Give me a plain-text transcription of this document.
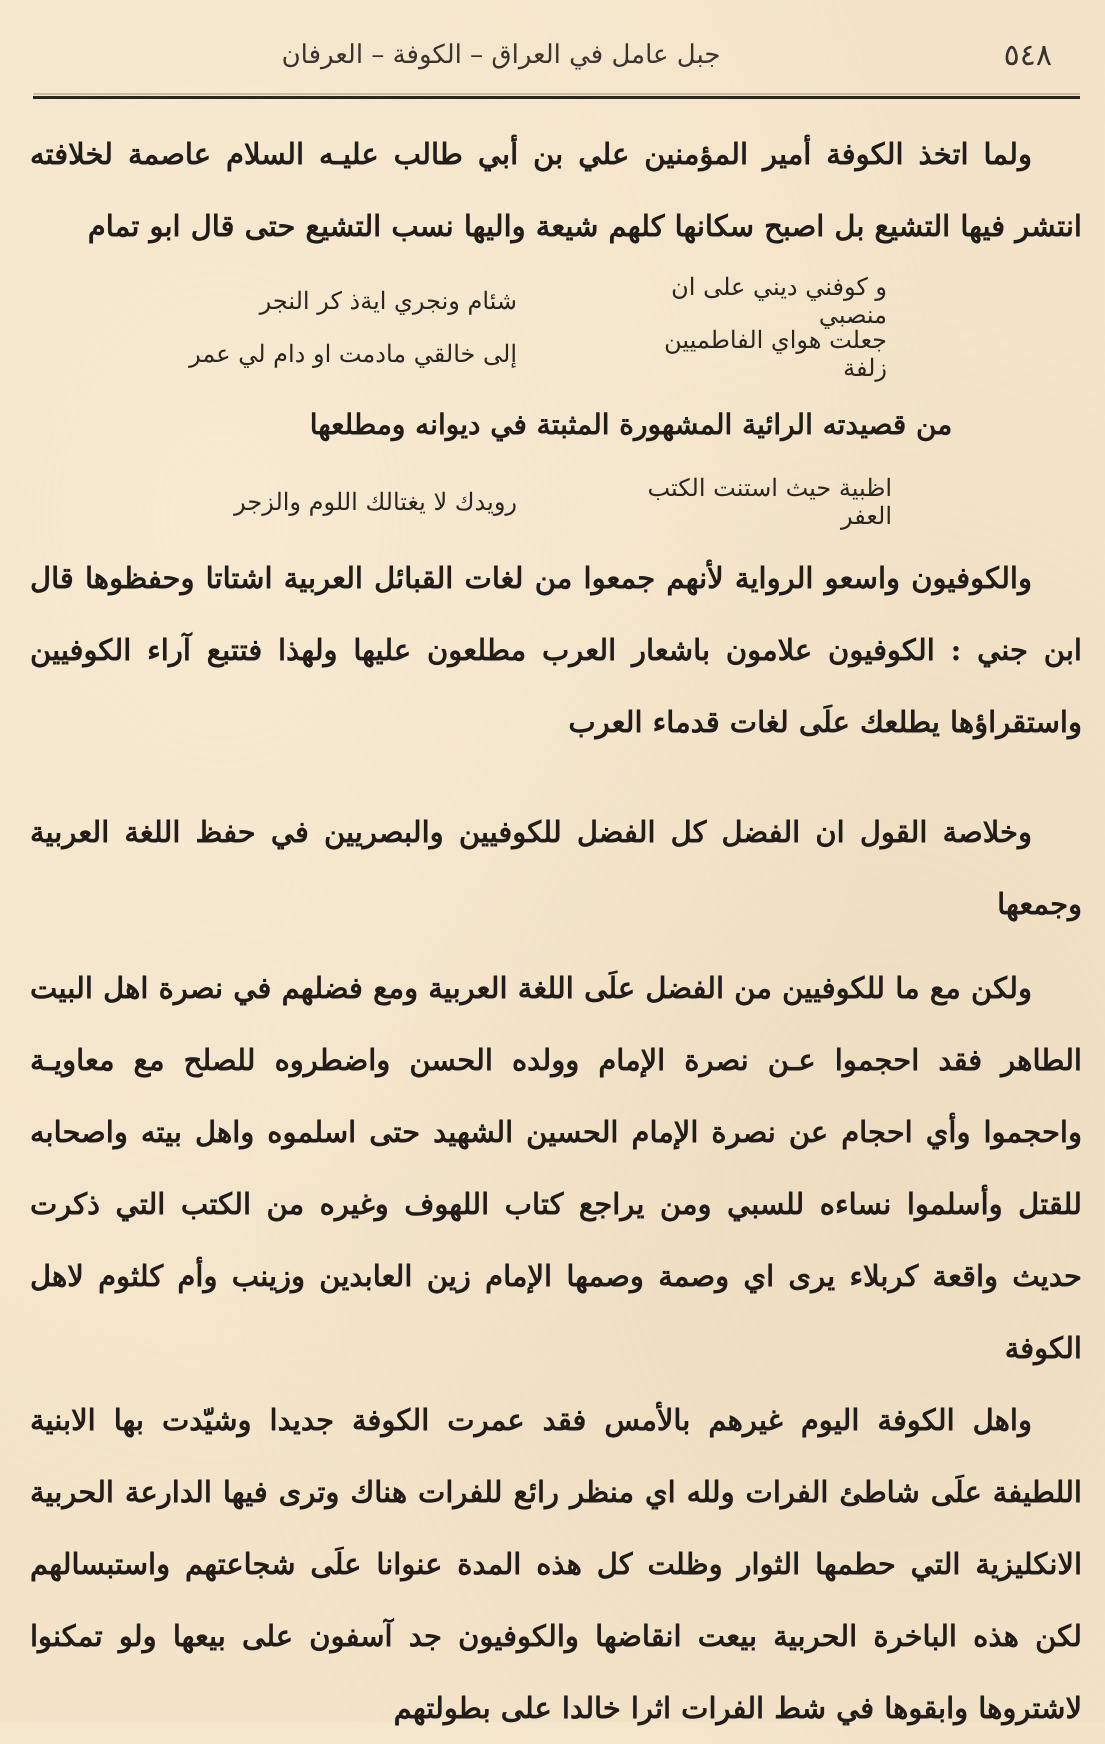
٥٤٨
جبل عامل في العراق – الكوفة – العرفان

ولما اتخذ الكوفة أمير المؤمنين علي بن أبي طالب عليـه السلام عاصمة لخلافته انتشر فيها التشيع بل اصبح سكانها كلهم شيعة واليها نسب التشيع حتى قال ابو تمام

و كوفني ديني على ان منصبي
شئام ونجري ايةذ كر النجر
جعلت هواي الفاطميين زلفة
إلى خالقي مادمت او دام لي عمر

من قصيدته الرائية المشهورة المثبتة في ديوانه ومطلعها

اظبية حيث استنت الكتب العفر
رويدك لا يغتالك اللوم والزجر

والكوفيون واسعو الرواية لأنهم جمعوا من لغات القبائل العربية اشتاتا وحفظوها قال ابن جني : الكوفيون علامون باشعار العرب مطلعون عليها ولهذا فتتبع آراء الكوفيين واستقراؤها يطلعك علَى لغات قدماء العرب

وخلاصة القول ان الفضل كل الفضل للكوفيين والبصريين في حفظ اللغة العربية وجمعها

ولكن مع ما للكوفيين من الفضل علَى اللغة العربية ومع فضلهم في نصرة اهل البيت الطاهر فقد احجموا عـن نصرة الإمام وولده الحسن واضطروه للصلح مع معاويـة واحجموا وأي احجام عن نصرة الإمام الحسين الشهيد حتى اسلموه واهل بيته واصحابه للقتل وأسلموا نساءه للسبي ومن يراجع كتاب اللهوف وغيره من الكتب التي ذكرت حديث واقعة كربلاء يرى اي وصمة وصمها الإمام زين العابدين وزينب وأم كلثوم لاهل الكوفة

واهل الكوفة اليوم غيرهم بالأمس فقد عمرت الكوفة جديدا وشيّدت بها الابنية اللطيفة علَى شاطئ الفرات ولله اي منظر رائع للفرات هناك وترى فيها الدارعة الحربية الانكليزية التي حطمها الثوار وظلت كل هذه المدة عنوانا علَى شجاعتهم واستبسالهم لكن هذه الباخرة الحربية بيعت انقاضها والكوفيون جد آسفون على بيعها ولو تمكنوا لاشتروها وابقوها في شط الفرات اثرا خالدا على بطولتهم
